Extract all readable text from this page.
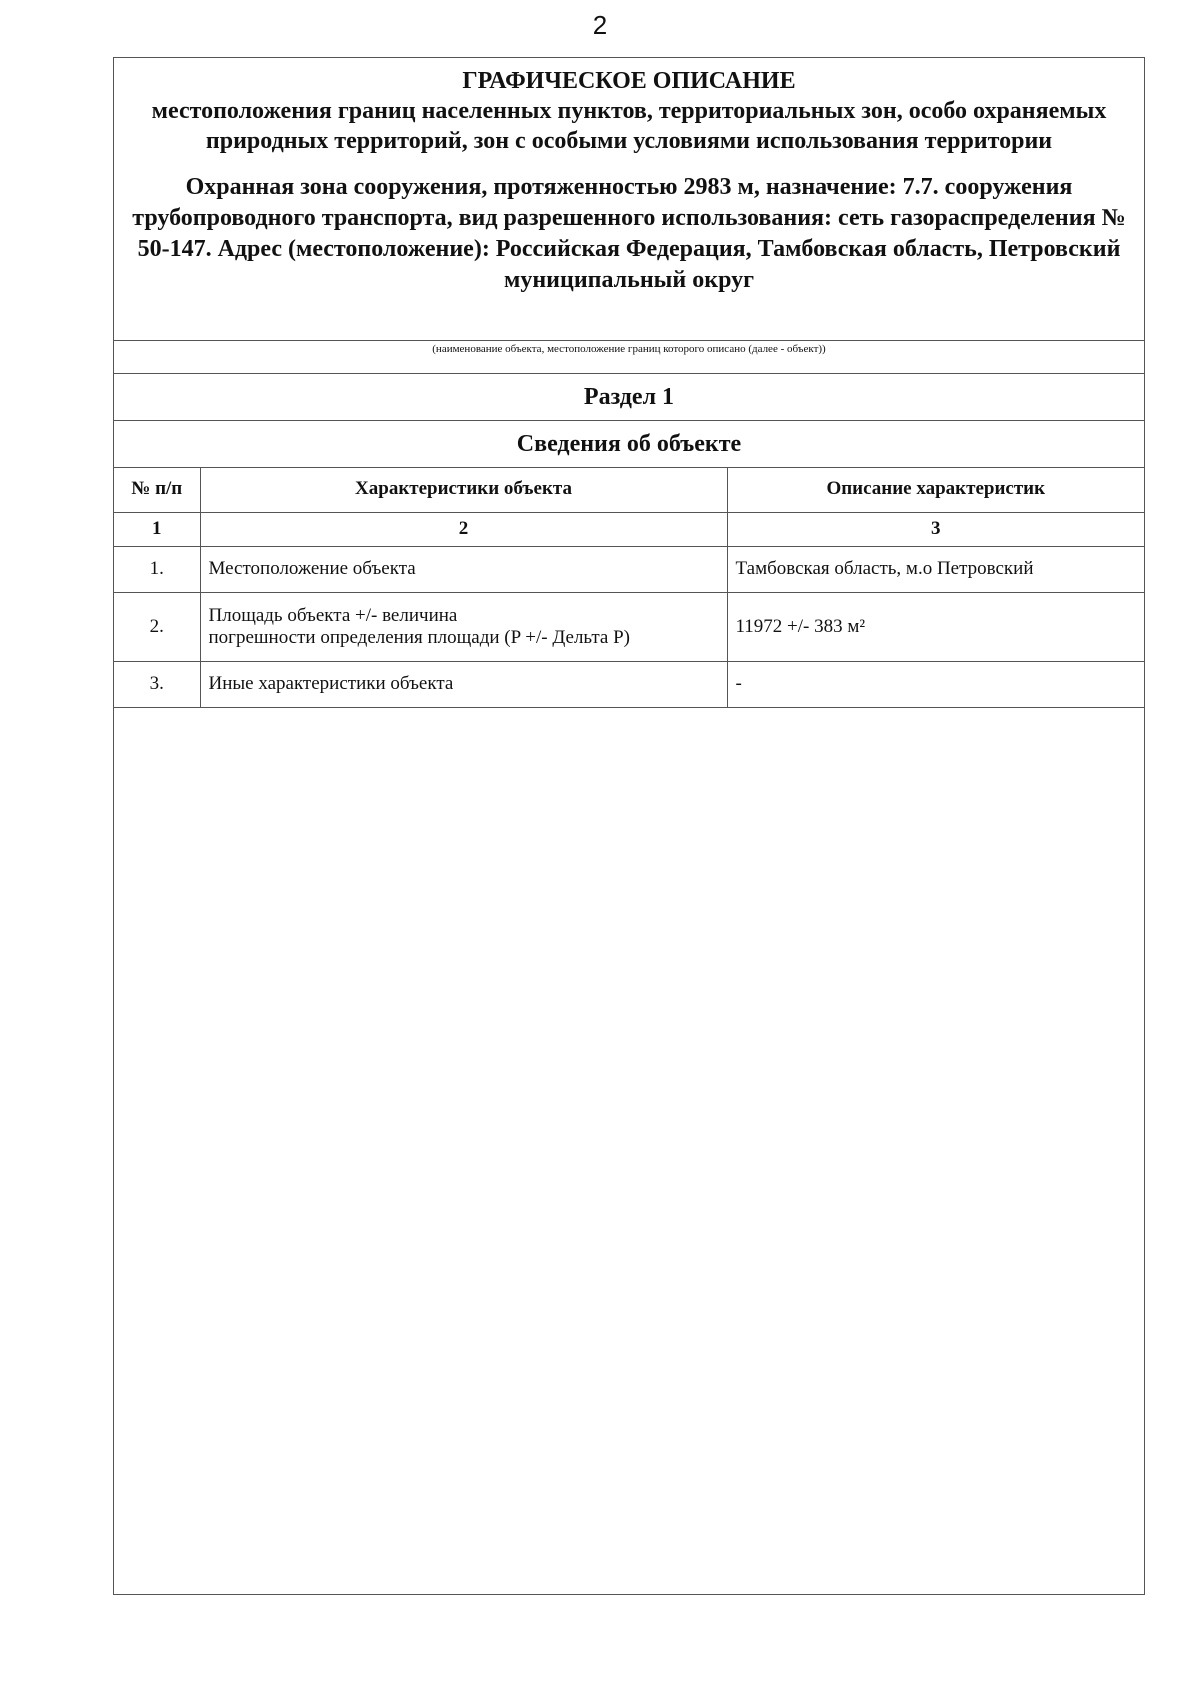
2
ГРАФИЧЕСКОЕ ОПИСАНИЕ
местоположения границ населенных пунктов, территориальных зон, особо охраняемых природных территорий, зон с особыми условиями использования территории
Охранная зона сооружения, протяженностью 2983 м, назначение: 7.7. сооружения трубопроводного транспорта, вид разрешенного использования: сеть газораспределения № 50-147. Адрес (местоположение): Российская Федерация, Тамбовская область, Петровский муниципальный округ
(наименование объекта, местоположение границ которого описано (далее - объект))
Раздел 1
Сведения об объекте
№ п/п	Характеристики объекта	Описание характеристик
1	2	3
1.	Местоположение объекта	Тамбовская область, м.о Петровский
2.	Площадь объекта +/- величина
погрешности определения площади (P +/- Дельта P)	11972 +/- 383 м²
3.	Иные характеристики объекта	-
